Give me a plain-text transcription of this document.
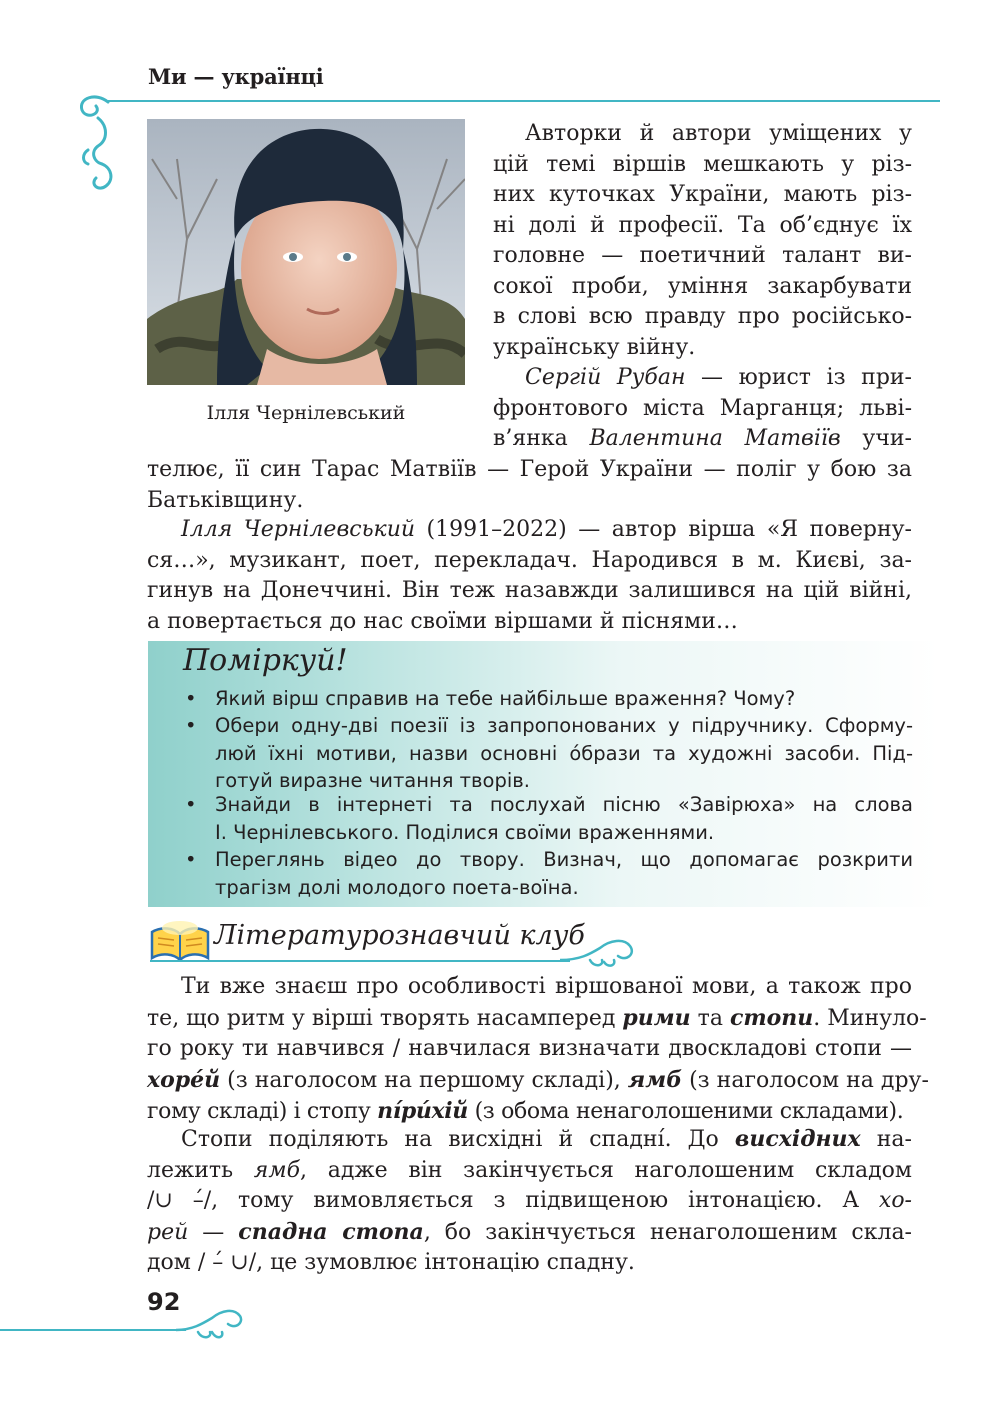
Ми — українці
Ілля Чернілевський
Авторки й автори уміщених у
цій темі віршів мешкають у різ-
них куточках України, мають різ-
ні долі й професії. Та об’єднує їх
головне — поетичний талант ви-
сокої проби, уміння закарбувати
в слові всю правду про російсько-
українську війну.
Сергій Рубан — юрист із при-
фронтового міста Марганця; льві-
в’янка Валентина Матвіїв учи-
телює, її син Тарас Матвіїв — Герой України — поліг у бою за
Батьківщину.
Ілля Чернілевський (1991–2022) — автор вірша «Я поверну-
ся…», музикант, поет, перекладач. Народився в м. Києві, за-
гинув на Донеччині. Він теж назавжди залишився на цій війні,
а повертається до нас своїми віршами й піснями…
Поміркуй!
• Який вірш справив на тебе найбільше враження? Чому?
• Обери одну-дві поезії із запропонованих у підручнику. Сформу-
люй їхні мотиви, назви основні óбрази та художні засоби. Під-
готуй виразне читання творів.
• Знайди в інтернеті та послухай пісню «Завірюха» на слова
І. Чернілевського. Поділися своїми враженнями.
• Переглянь відео до твору. Визнач, що допомагає розкрити
трагізм долі молодого поета-воїна.
Літературознавчий клуб
Ти вже знаєш про особливості віршованої мови, а також про
те, що ритм у вірші творять насамперед рими та стопи. Минуло-
го року ти навчився / навчилася визначати двоскладові стопи —
хорéй (з наголосом на першому складі), ямб (з наголосом на дру-
гому складі) і стопу пíрúхій (з обома ненаголошеними складами).
Стопи поділяють на висхідні й спаднí. До висхідних на-
лежить ямб, адже він закінчується наголошеним складом
/∪ –́/, тому вимовляється з підвищеною інтонацією. А хо-
рей — спадна стопа, бо закінчується ненаголошеним скла-
дом / –́ ∪/, це зумовлює інтонацію спадну.
92
